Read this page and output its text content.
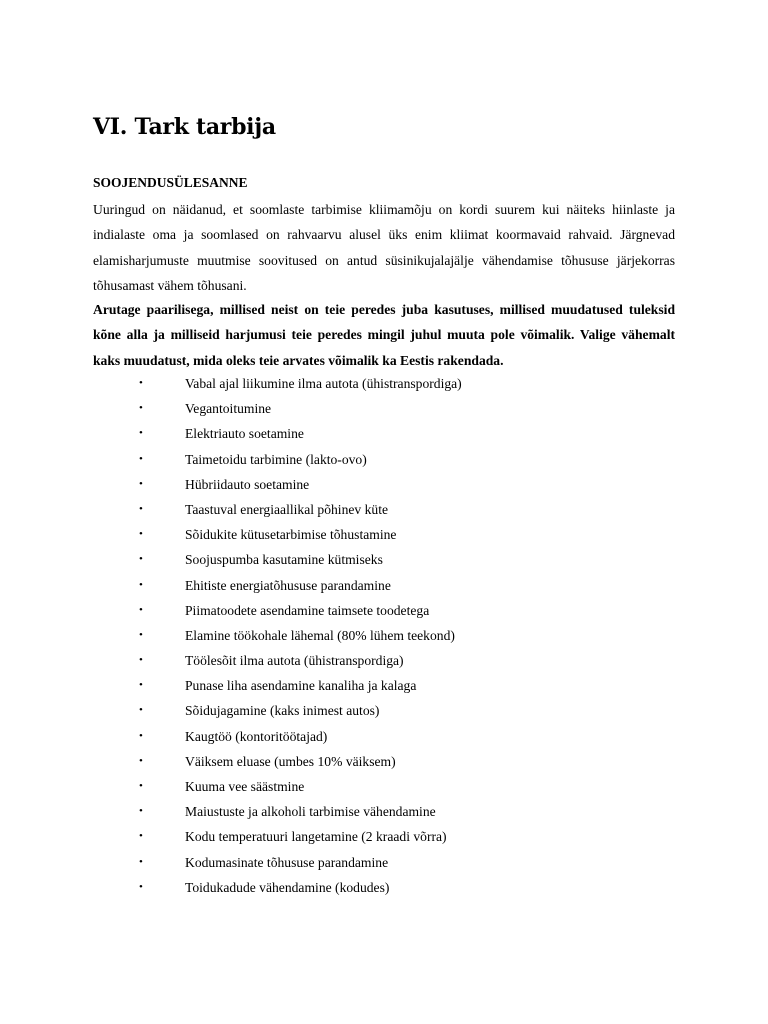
VI. Tark tarbija
SOOJENDUSÜLESANNE

Uuringud on näidanud, et soomlaste tarbimise kliimamõju on kordi suurem kui näiteks hiinlaste ja indialaste oma ja soomlased on rahvaarvu alusel üks enim kliimat koormavaid rahvaid. Järgnevad elamisharjumuste muutmise soovitused on antud süsinikujalajälje vähendamise tõhususe järjekorras tõhusamast vähem tõhusani.

Arutage paarilisega, millised neist on teie peredes juba kasutuses, millised muudatused tuleksid kõne alla ja milliseid harjumusi teie peredes mingil juhul muuta pole võimalik. Valige vähemalt kaks muudatust, mida oleks teie arvates võimalik ka Eestis rakendada.

•	Vabal ajal liikumine ilma autota (ühistranspordiga)
•	Vegantoitumine
•	Elektriauto soetamine
•	Taimetoidu tarbimine (lakto-ovo)
•	Hübriidauto soetamine
•	Taastuval energiaallikal põhinev küte
•	Sõidukite kütusetarbimise tõhustamine
•	Soojuspumba kasutamine kütmiseks
•	Ehitiste energiatõhususe parandamine
•	Piimatoodete asendamine taimsete toodetega
•	Elamine töökohale lähemal (80% lühem teekond)
•	Töölesõit ilma autota (ühistranspordiga)
•	Punase liha asendamine kanaliha ja kalaga
•	Sõidujagamine (kaks inimest autos)
•	Kaugtöö (kontoritöötajad)
•	Väiksem eluase (umbes 10% väiksem)
•	Kuuma vee säästmine
•	Maiustuste ja alkoholi tarbimise vähendamine
•	Kodu temperatuuri langetamine (2 kraadi võrra)
•	Kodumasinate tõhususe parandamine
•	Toidukadude vähendamine (kodudes)
